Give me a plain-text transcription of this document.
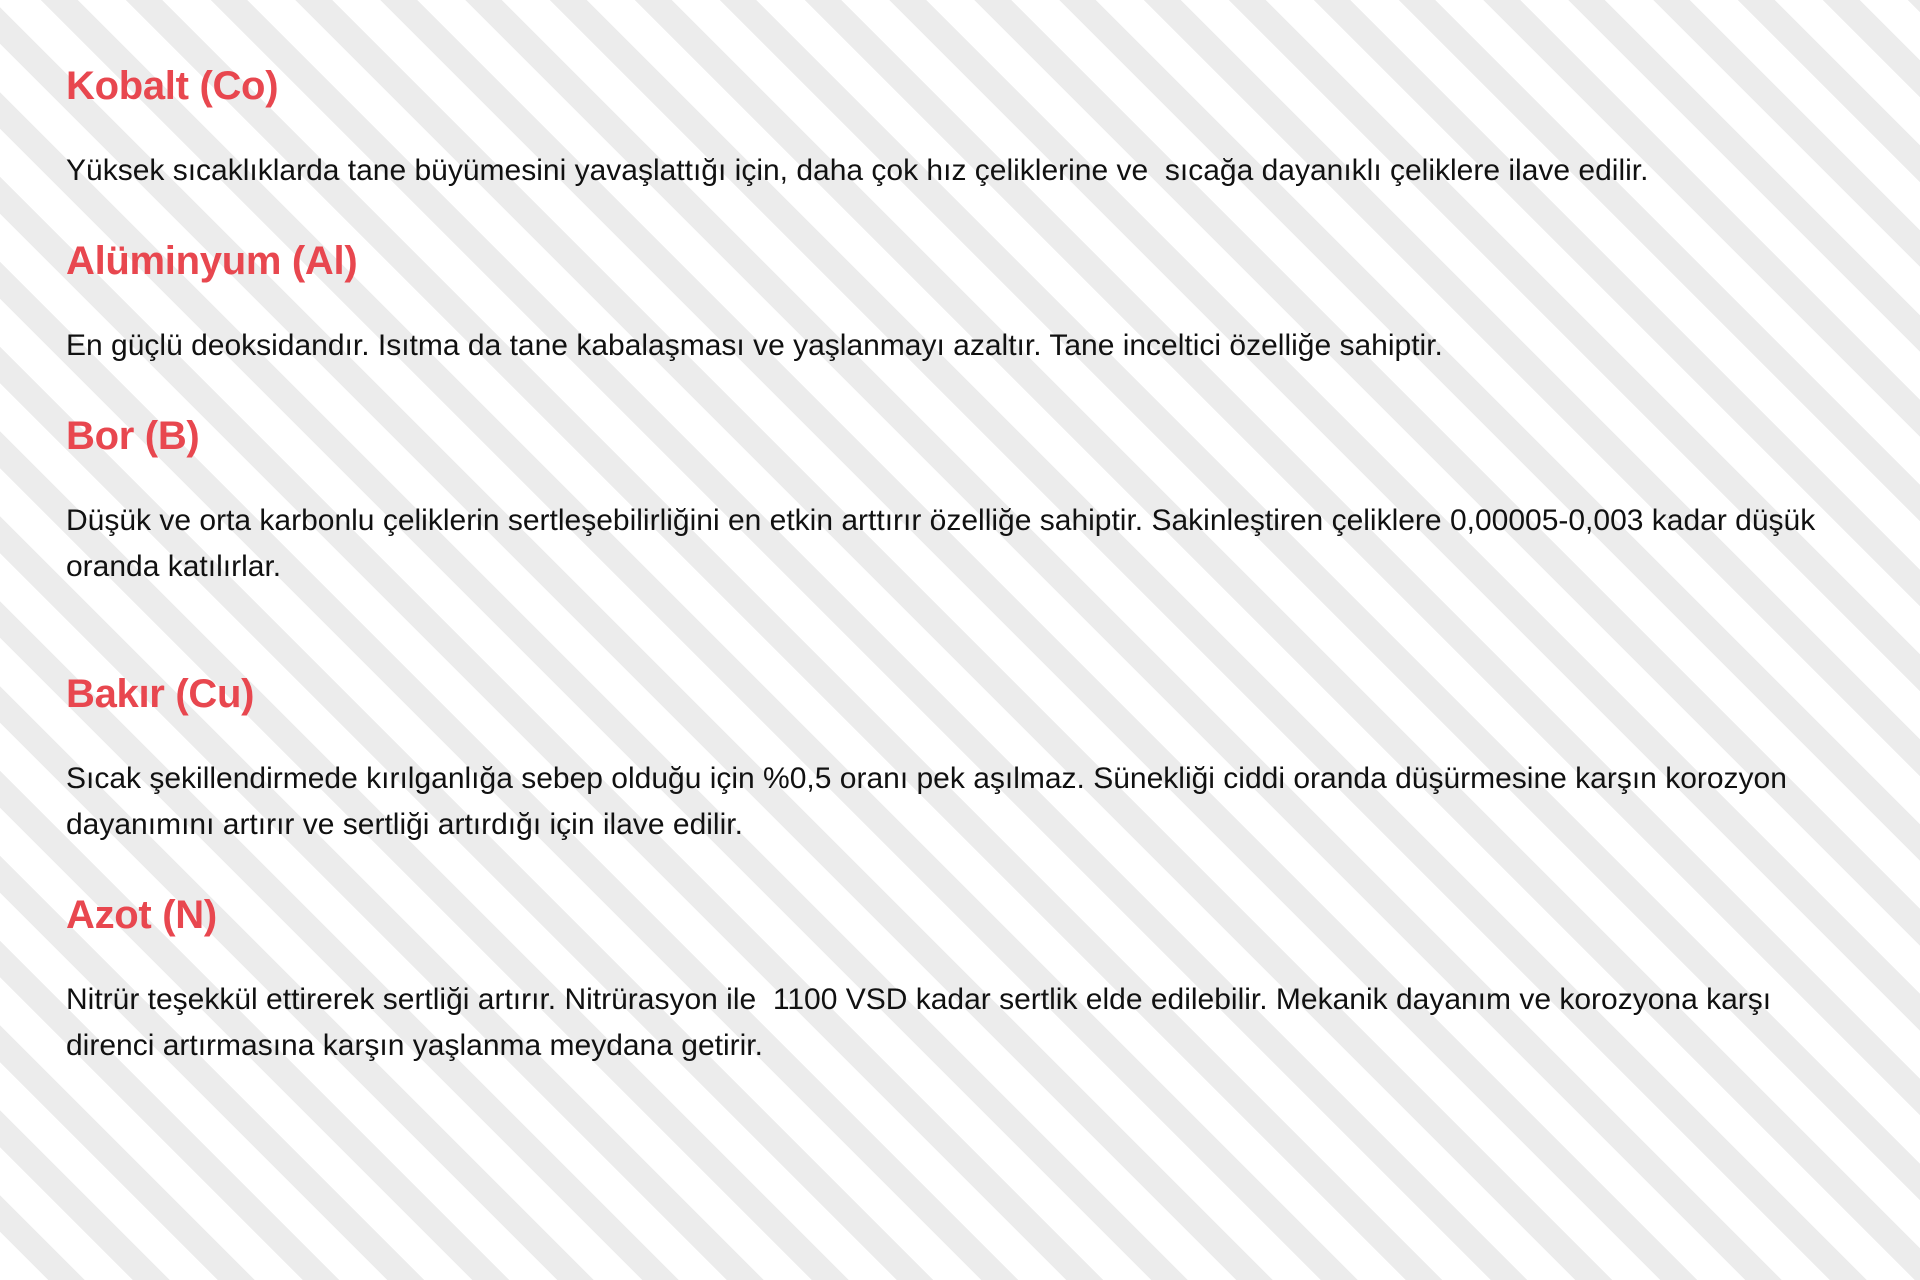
Kobalt (Co)

Yüksek sıcaklıklarda tane büyümesini yavaşlattığı için, daha çok hız çeliklerine ve  sıcağa dayanıklı çeliklere ilave edilir.

Alüminyum (Al)

En güçlü deoksidandır. Isıtma da tane kabalaşması ve yaşlanmayı azaltır. Tane inceltici özelliğe sahiptir.

Bor (B)

Düşük ve orta karbonlu çeliklerin sertleşebilirliğini en etkin arttırır özelliğe sahiptir. Sakinleştiren çeliklere 0,00005-0,003 kadar düşük oranda katılırlar.

Bakır (Cu)

Sıcak şekillendirmede kırılganlığa sebep olduğu için %0,5 oranı pek aşılmaz. Sünekliği ciddi oranda düşürmesine karşın korozyon dayanımını artırır ve sertliği artırdığı için ilave edilir.

Azot (N)

Nitrür teşekkül ettirerek sertliği artırır. Nitrürasyon ile  1100 VSD kadar sertlik elde edilebilir. Mekanik dayanım ve korozyona karşı direnci artırmasına karşın yaşlanma meydana getirir.
